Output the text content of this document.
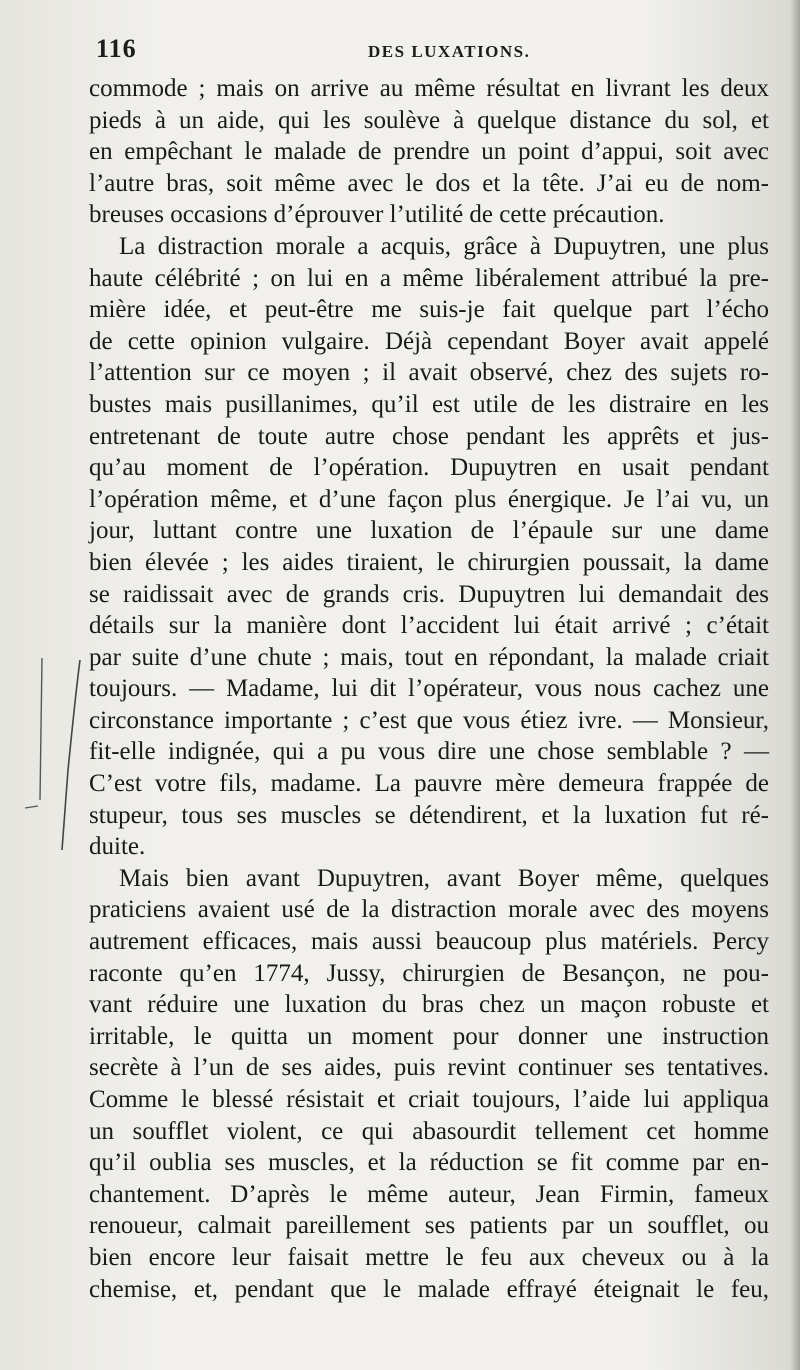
116	DES LUXATIONS.
commode ; mais on arrive au même résultat en livrant les deux
pieds à un aide, qui les soulève à quelque distance du sol, et
en empêchant le malade de prendre un point d’appui, soit avec
l’autre bras, soit même avec le dos et la tête. J’ai eu de nom-
breuses occasions d’éprouver l’utilité de cette précaution.
La distraction morale a acquis, grâce à Dupuytren, une plus
haute célébrité ; on lui en a même libéralement attribué la pre-
mière idée, et peut-être me suis-je fait quelque part l’écho
de cette opinion vulgaire. Déjà cependant Boyer avait appelé
l’attention sur ce moyen ; il avait observé, chez des sujets ro-
bustes mais pusillanimes, qu’il est utile de les distraire en les
entretenant de toute autre chose pendant les apprêts et jus-
qu’au moment de l’opération. Dupuytren en usait pendant
l’opération même, et d’une façon plus énergique. Je l’ai vu, un
jour, luttant contre une luxation de l’épaule sur une dame
bien élevée ; les aides tiraient, le chirurgien poussait, la dame
se raidissait avec de grands cris. Dupuytren lui demandait des
détails sur la manière dont l’accident lui était arrivé ; c’était
par suite d’une chute ; mais, tout en répondant, la malade criait
toujours. — Madame, lui dit l’opérateur, vous nous cachez une
circonstance importante ; c’est que vous étiez ivre. — Monsieur,
fit-elle indignée, qui a pu vous dire une chose semblable ? —
C’est votre fils, madame. La pauvre mère demeura frappée de
stupeur, tous ses muscles se détendirent, et la luxation fut ré-
duite.
Mais bien avant Dupuytren, avant Boyer même, quelques
praticiens avaient usé de la distraction morale avec des moyens
autrement efficaces, mais aussi beaucoup plus matériels. Percy
raconte qu’en 1774, Jussy, chirurgien de Besançon, ne pou-
vant réduire une luxation du bras chez un maçon robuste et
irritable, le quitta un moment pour donner une instruction
secrète à l’un de ses aides, puis revint continuer ses tentatives.
Comme le blessé résistait et criait toujours, l’aide lui appliqua
un soufflet violent, ce qui abasourdit tellement cet homme
qu’il oublia ses muscles, et la réduction se fit comme par en-
chantement. D’après le même auteur, Jean Firmin, fameux
renoueur, calmait pareillement ses patients par un soufflet, ou
bien encore leur faisait mettre le feu aux cheveux ou à la
chemise, et, pendant que le malade effrayé éteignait le feu,
